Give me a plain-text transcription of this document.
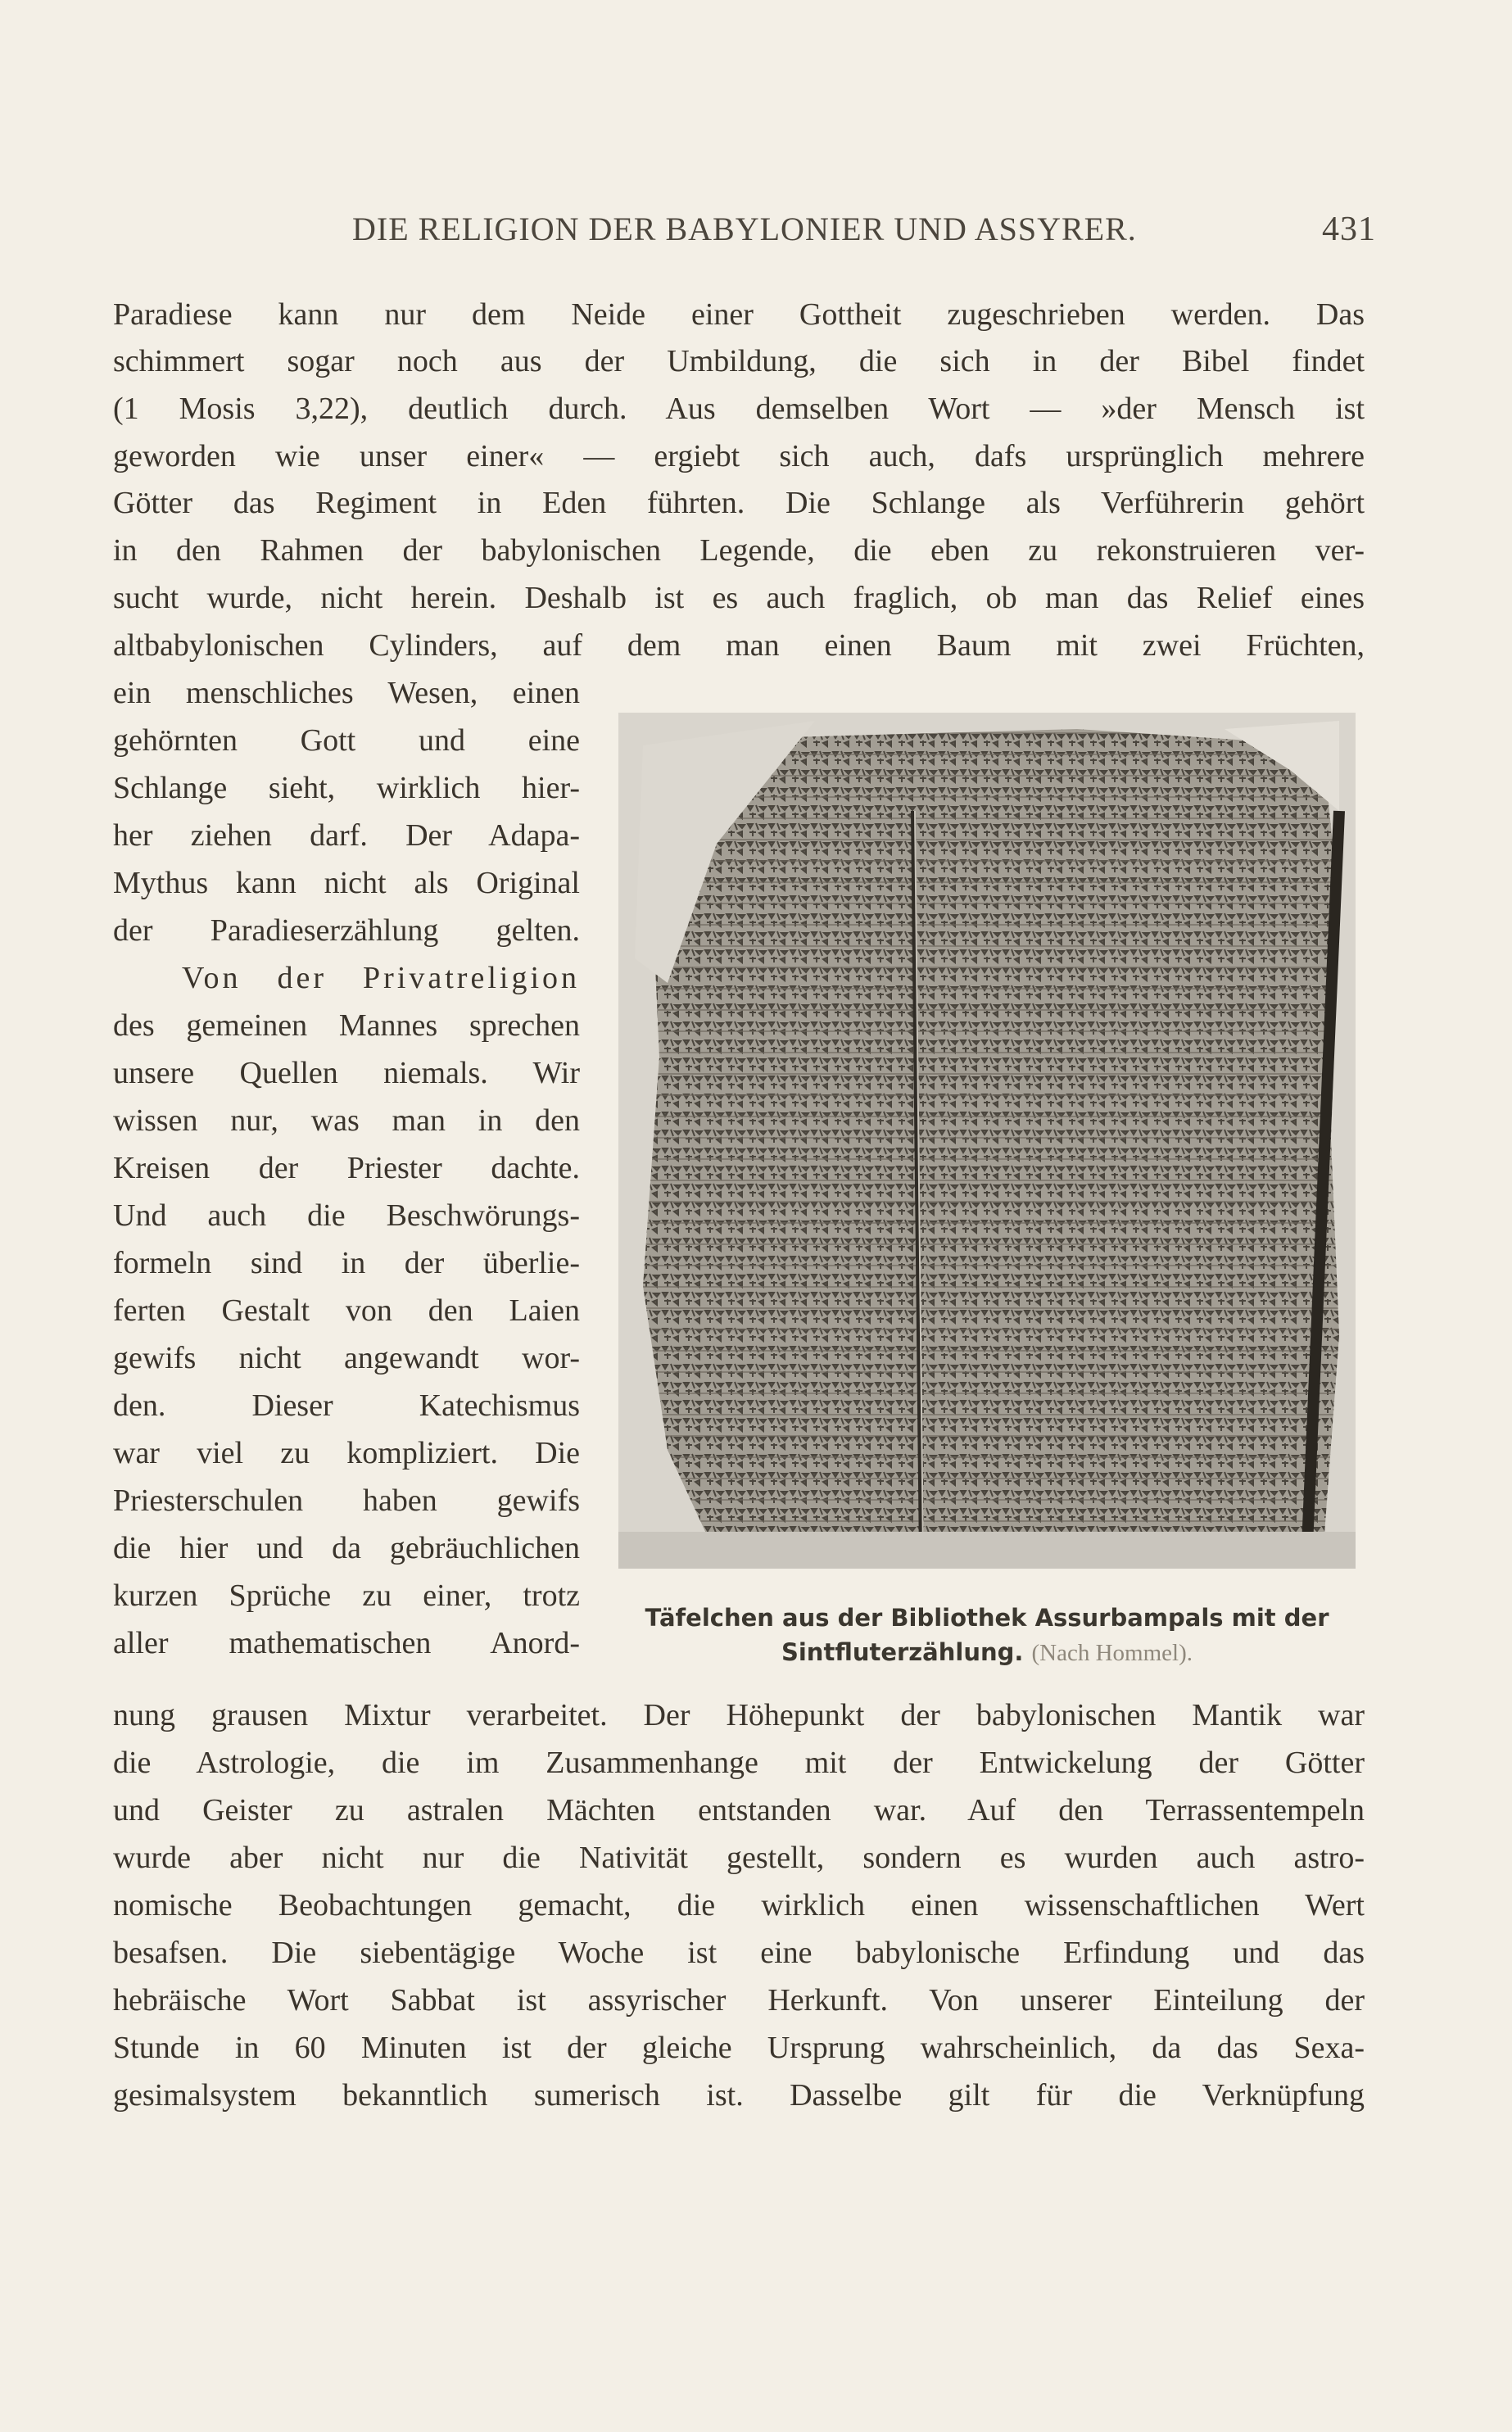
DIE RELIGION DER BABYLONIER UND ASSYRER.	431
Paradiese kann nur dem Neide einer Gottheit zugeschrieben werden. Das
schimmert sogar noch aus der Umbildung, die sich in der Bibel findet
(1 Mosis 3,22), deutlich durch. Aus demselben Wort — »der Mensch ist
geworden wie unser einer« — ergiebt sich auch, dafs ursprünglich mehrere
Götter das Regiment in Eden führten. Die Schlange als Verführerin gehört
in den Rahmen der babylonischen Legende, die eben zu rekonstruieren ver-
sucht wurde, nicht herein. Deshalb ist es auch fraglich, ob man das Relief eines
altbabylonischen Cylinders, auf dem man einen Baum mit zwei Früchten,
ein menschliches Wesen, einen
gehörnten Gott und eine
Schlange sieht, wirklich hier-
her ziehen darf. Der Adapa-
Mythus kann nicht als Original
der Paradieserzählung gelten.
Von der Privatreligion
des gemeinen Mannes sprechen
unsere Quellen niemals. Wir
wissen nur, was man in den
Kreisen der Priester dachte.
Und auch die Beschwörungs-
formeln sind in der überlie-
ferten Gestalt von den Laien
gewifs nicht angewandt wor-
den. Dieser Katechismus
war viel zu kompliziert. Die
Priesterschulen haben gewifs
die hier und da gebräuchlichen
kurzen Sprüche zu einer, trotz
aller mathematischen Anord-
nung grausen Mixtur verarbeitet. Der Höhepunkt der babylonischen Mantik war
die Astrologie, die im Zusammenhange mit der Entwickelung der Götter
und Geister zu astralen Mächten entstanden war. Auf den Terrassentempeln
wurde aber nicht nur die Nativität gestellt, sondern es wurden auch astro-
nomische Beobachtungen gemacht, die wirklich einen wissenschaftlichen Wert
besafsen. Die siebentägige Woche ist eine babylonische Erfindung und das
hebräische Wort Sabbat ist assyrischer Herkunft. Von unserer Einteilung der
Stunde in 60 Minuten ist der gleiche Ursprung wahrscheinlich, da das Sexa-
gesimalsystem bekanntlich sumerisch ist. Dasselbe gilt für die Verknüpfung
Täfelchen aus der Bibliothek Assurbampals mit der
Sintfluterzählung. (Nach Hommel).
